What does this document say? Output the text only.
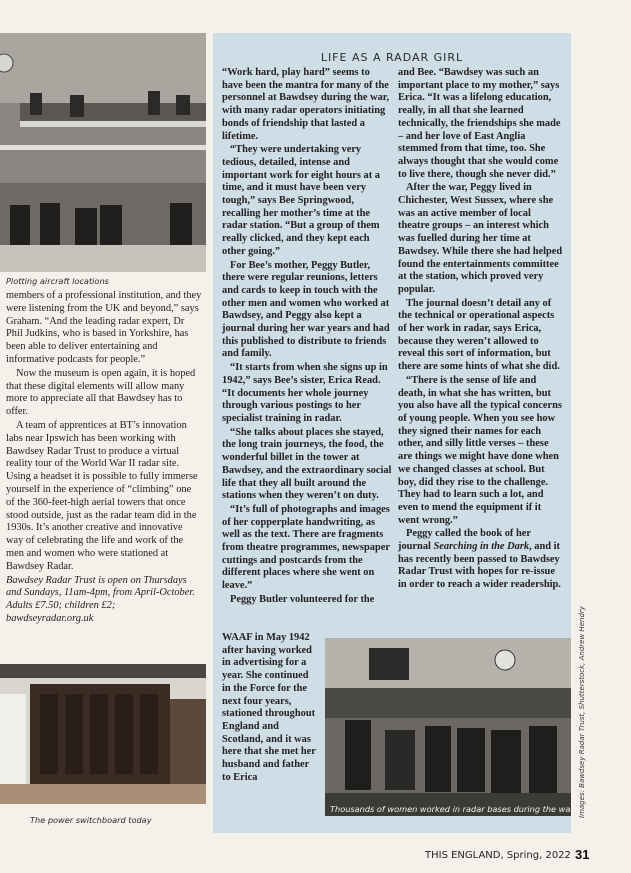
Plotting aircraft locations

members of a professional institution, and they were listening from the UK and beyond,” says Graham. “And the leading radar expert, Dr Phil Judkins, who is based in Yorkshire, has been able to deliver entertaining and informative podcasts for people.”

Now the museum is open again, it is hoped that these digital elements will allow many more to appreciate all that Bawdsey has to offer.

A team of apprentices at BT’s innovation labs near Ipswich has been working with Bawdsey Radar Trust to produce a virtual reality tour of the World War II radar site. Using a headset it is possible to fully immerse yourself in the experience of “climbing” one of the 360-feet-high aerial towers that once stood outside, just as the radar team did in the 1930s. It’s another creative and innovative way of celebrating the life and work of the men and women who were stationed at Bawdsey Radar.

Bawdsey Radar Trust is open on Thursdays and Sundays, 11am-4pm, from April-October. Adults £7.50; children £2; bawdseyradar.org.uk

The power switchboard today
LIFE AS A RADAR GIRL

“Work hard, play hard” seems to have been the mantra for many of the personnel at Bawdsey during the war, with many radar operators initiating bonds of friendship that lasted a lifetime.

“They were undertaking very tedious, detailed, intense and important work for eight hours at a time, and it must have been very tough,” says Bee Springwood, recalling her mother’s time at the radar station. “But a group of them really clicked, and they kept each other going.”

For Bee’s mother, Peggy Butler, there were regular reunions, letters and cards to keep in touch with the other men and women who worked at Bawdsey, and Peggy also kept a journal during her war years and had this published to distribute to friends and family.

“It starts from when she signs up in 1942,” says Bee’s sister, Erica Read. “It documents her whole journey through various postings to her specialist training in radar.

“She talks about places she stayed, the long train journeys, the food, the wonderful billet in the tower at Bawdsey, and the extraordinary social life that they all built around the stations when they weren’t on duty.

“It’s full of photographs and images of her copperplate handwriting, as well as the text. There are fragments from theatre programmes, newspaper cuttings and postcards from the different places where she went on leave.”

Peggy Butler volunteered for the

WAAF in May 1942 after having worked in advertising for a year. She continued in the Force for the next four years, stationed throughout England and Scotland, and it was here that she met her husband and father to Erica

and Bee. “Bawdsey was such an important place to my mother,” says Erica. “It was a lifelong education, really, in all that she learned technically, the friendships she made – and her love of East Anglia stemmed from that time, too. She always thought that she would come to live there, though she never did.”

After the war, Peggy lived in Chichester, West Sussex, where she was an active member of local theatre groups – an interest which was fuelled during her time at Bawdsey. While there she had helped found the entertainments committee at the station, which proved very popular.

The journal doesn’t detail any of the technical or operational aspects of her work in radar, says Erica, because they weren’t allowed to reveal this sort of information, but there are some hints of what she did.

“There is the sense of life and death, in what she has written, but you also have all the typical concerns of young people. When you see how they signed their names for each other, and silly little verses – these are things we might have done when we changed classes at school. But boy, did they rise to the challenge. They had to learn such a lot, and even to mend the equipment if it went wrong.”

Peggy called the book of her journal Searching in the Dark, and it has recently been passed to Bawdsey Radar Trust with hopes for re-issue in order to reach a wider readership.

Thousands of women worked in radar bases during the war Images: Bawdsey Radar Trust, Shutterstock, Andrew Hendry
THIS ENGLAND, Spring, 2022 31
